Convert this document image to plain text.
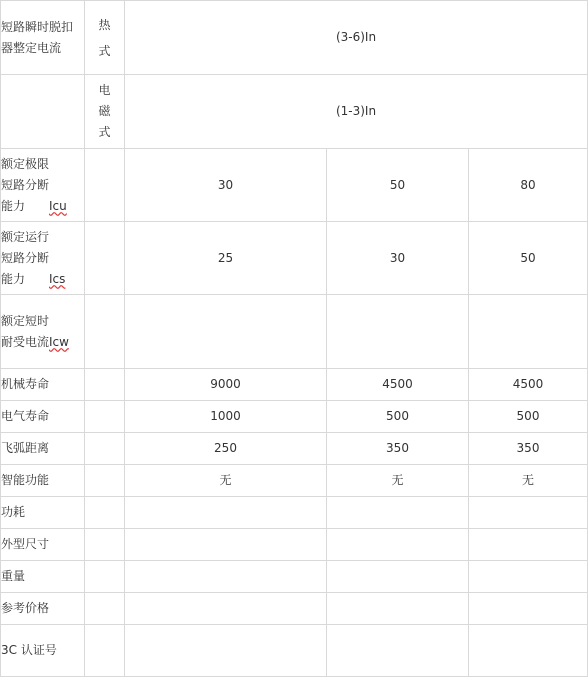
短路瞬时脱扣器整定电流	热式	(3-6)In		
	电磁式	(1-3)In		
额定极限短路分断能力 Icu		30	50	80
额定运行短路分断能力 Ics		25	30	50
额定短时耐受电流Icw				
机械寿命		9000	4500	4500
电气寿命		1000	500	500
飞弧距离		250	350	350
智能功能		无	无	无
功耗				
外型尺寸				
重量				
参考价格				
3C 认证号				
